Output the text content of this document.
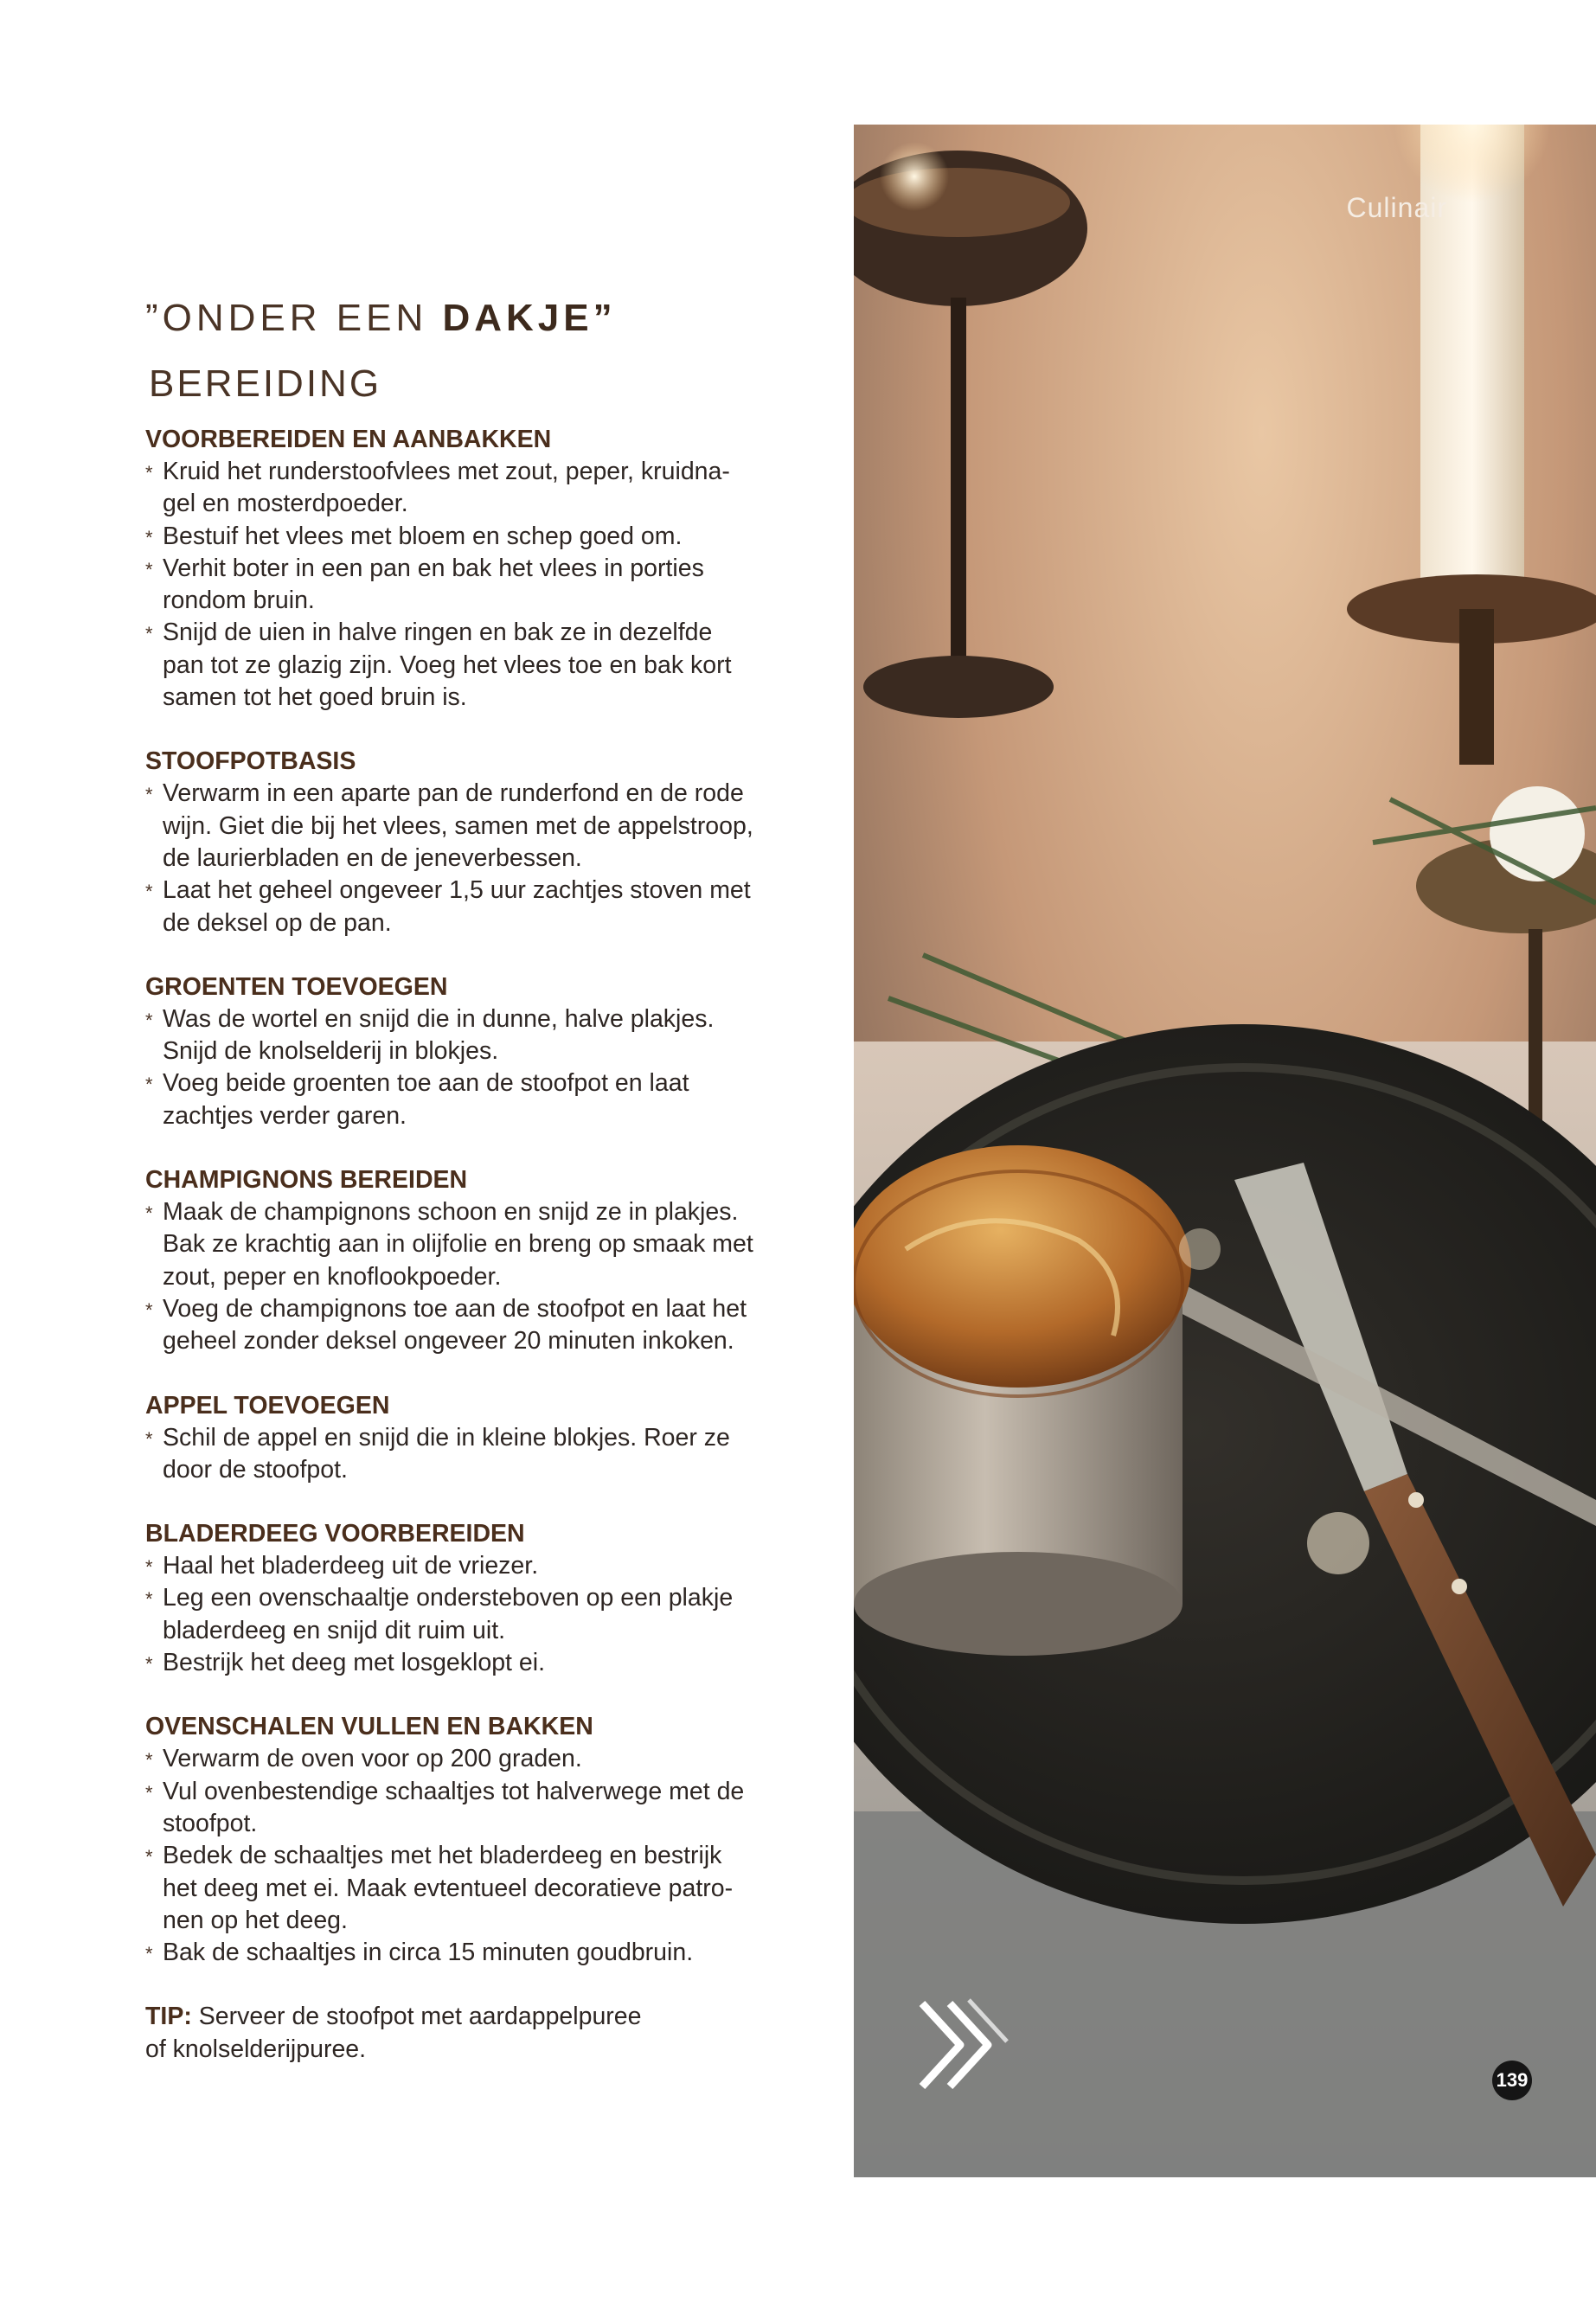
”ONDER EEN DAKJE”
BEREIDING
VOORBEREIDEN EN AANBAKKEN
* Kruid het runderstoofvlees met zout, peper, kruidna-
gel en mosterdpoeder.
* Bestuif het vlees met bloem en schep goed om.
* Verhit boter in een pan en bak het vlees in porties
rondom bruin.
* Snijd de uien in halve ringen en bak ze in dezelfde
pan tot ze glazig zijn. Voeg het vlees toe en bak kort
samen tot het goed bruin is.
STOOFPOTBASIS
* Verwarm in een aparte pan de runderfond en de rode
wijn. Giet die bij het vlees, samen met de appelstroop,
de laurierbladen en de jeneverbessen.
* Laat het geheel ongeveer 1,5 uur zachtjes stoven met
de deksel op de pan.
GROENTEN TOEVOEGEN
* Was de wortel en snijd die in dunne, halve plakjes.
Snijd de knolselderij in blokjes.
* Voeg beide groenten toe aan de stoofpot en laat
zachtjes verder garen.
CHAMPIGNONS BEREIDEN
* Maak de champignons schoon en snijd ze in plakjes.
Bak ze krachtig aan in olijfolie en breng op smaak met
zout, peper en knoflookpoeder.
* Voeg de champignons toe aan de stoofpot en laat het
geheel zonder deksel ongeveer 20 minuten inkoken.
APPEL TOEVOEGEN
* Schil de appel en snijd die in kleine blokjes. Roer ze
door de stoofpot.
BLADERDEEG VOORBEREIDEN
* Haal het bladerdeeg uit de vriezer.
* Leg een ovenschaaltje ondersteboven op een plakje
bladerdeeg en snijd dit ruim uit.
* Bestrijk het deeg met losgeklopt ei.
OVENSCHALEN VULLEN EN BAKKEN
* Verwarm de oven voor op 200 graden.
* Vul ovenbestendige schaaltjes tot halverwege met de
stoofpot.
* Bedek de schaaltjes met het bladerdeeg en bestrijk
het deeg met ei. Maak evtentueel decoratieve patro-
nen op het deeg.
* Bak de schaaltjes in circa 15 minuten goudbruin.
TIP: Serveer de stoofpot met aardappelpuree
of knolselderijpuree.
Culinair
139
